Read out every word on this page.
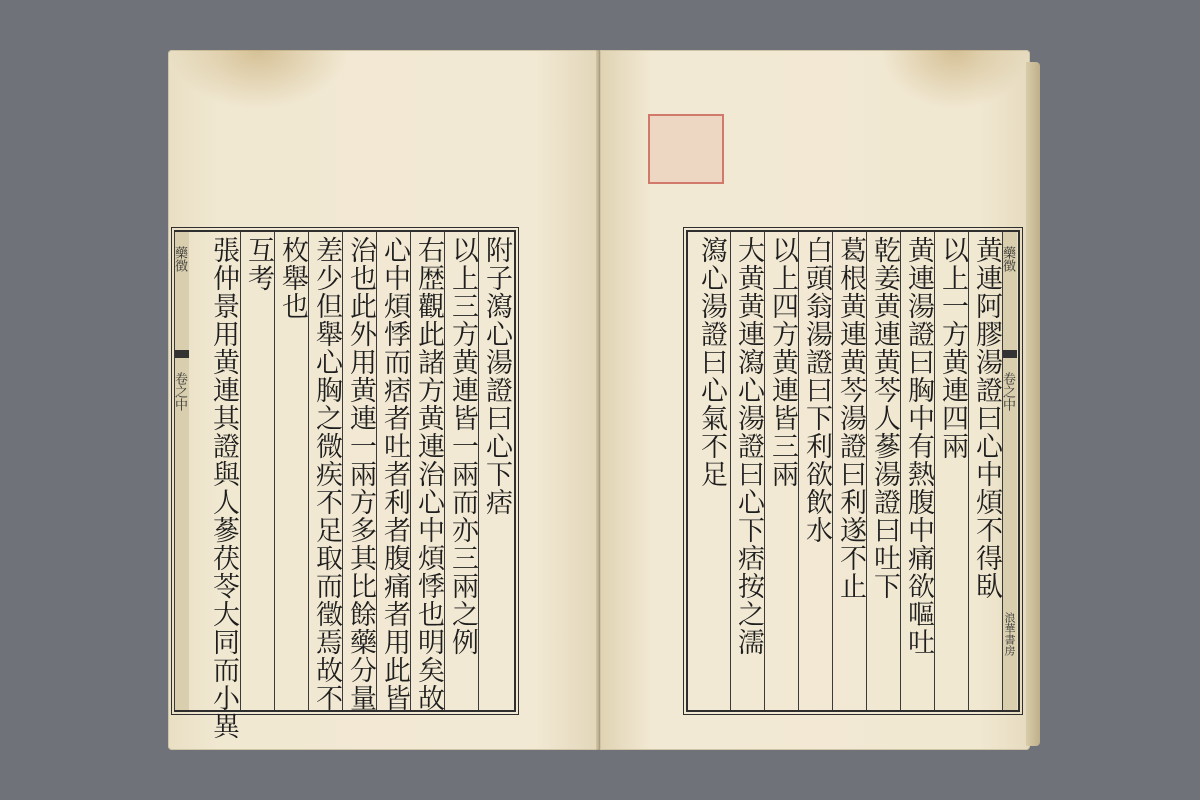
藥徴
卷之中	附子瀉心湯證曰心下痞
以上三方黄連皆一兩而亦三兩之例
右歴觀此諸方黄連治心中煩悸也明矣故
心中煩悸而痞者吐者利者腹痛者用此皆
治也此外用黄連一兩方多其比餘藥分量
差少但舉心胸之微疾不足取而徵焉故不
枚舉也
互考
張仲景用黄連其證與人蔘茯苓大同而小異	藥徴
卷之中
浪華書房
黄連阿膠湯證曰心中煩不得臥
以上一方黄連四兩
黄連湯證曰胸中有熱腹中痛欲嘔吐
乾姜黄連黄芩人蔘湯證曰吐下
葛根黄連黄芩湯證曰利遂不止
白頭翁湯證曰下利欲飲水
以上四方黄連皆三兩
大黄黄連瀉心湯證曰心下痞按之濡
瀉心湯證曰心氣不足
